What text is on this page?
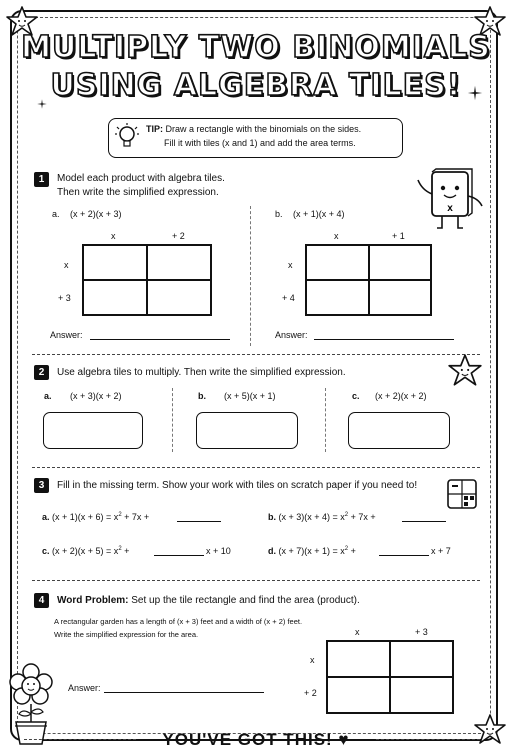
MULTIPLY TWO BINOMIALS
USING ALGEBRA TILES!
TIP: Draw a rectangle with the binomials on the sides.
Fill it with tiles (x and 1) and add the area terms.
1	Model each product with algebra tiles.
Then write the simplified expression.
x
a. (x + 2)(x + 3)
x	+ 2
x
+ 3
Answer:
b. (x + 1)(x + 4)
x	+ 1
x
+ 4
Answer:
2	Use algebra tiles to multiply. Then write the simplified expression.
a. (x + 3)(x + 2)	b. (x + 5)(x + 1)	c. (x + 2)(x + 2)
3	Fill in the missing term. Show your work with tiles on scratch paper if you need to!
a. $(x + 1)(x + 6) = x^2 + 7x$ +	b. $(x + 3)(x + 4) = x^2 + 7x$ +
c. $(x + 2)(x + 5) = x^2$ +	x + 10	d. $(x + 7)(x + 1) = x^2$ +	x + 7
4	Word Problem: Set up the tile rectangle and find the area (product).
A rectangular garden has a length of (x + 3) feet and a width of (x + 2) feet.
Write the simplified expression for the area.	x	+ 3
x
+ 2
Answer:
YOU'VE GOT THIS! ♥
